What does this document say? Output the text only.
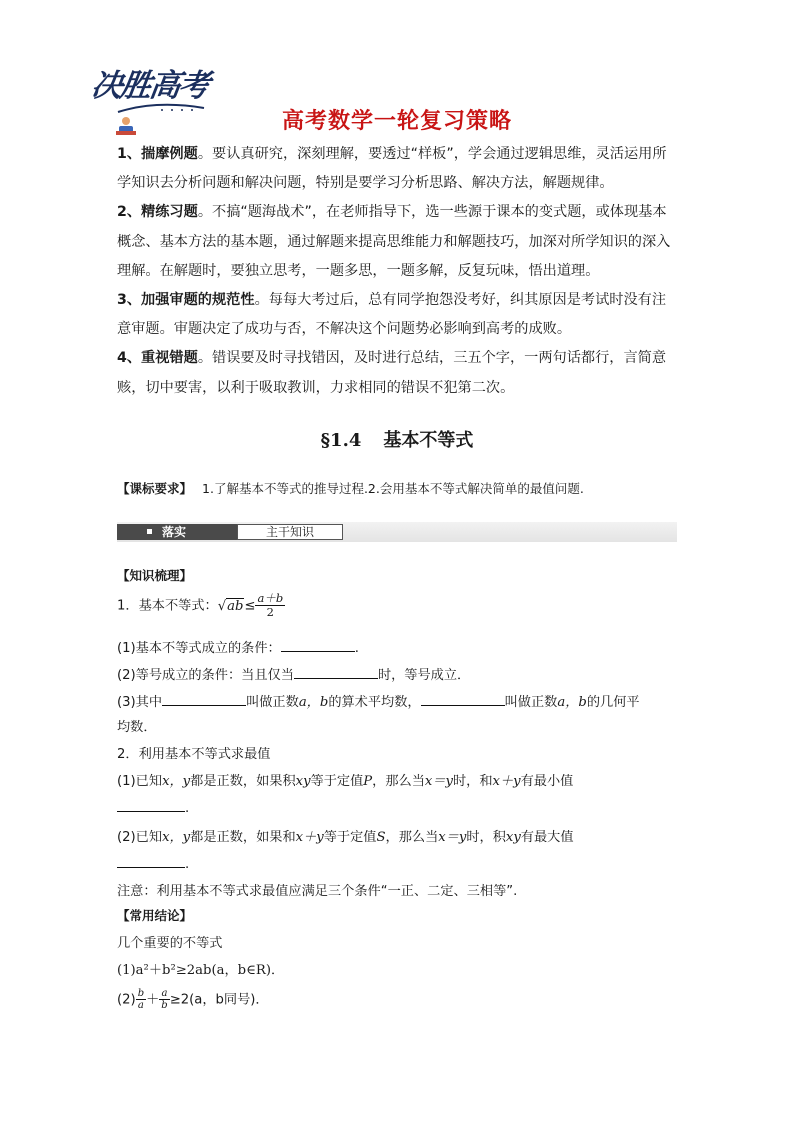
决胜高考
高考数学一轮复习策略

1、揣摩例题。要认真研究，深刻理解，要透过“样板”，学会通过逻辑思维，灵活运用所学知识去分析问题和解决问题，特别是要学习分析思路、解决方法，解题规律。

2、精练习题。不搞“题海战术”，在老师指导下，选一些源于课本的变式题，或体现基本概念、基本方法的基本题，通过解题来提高思维能力和解题技巧，加深对所学知识的深入理解。在解题时，要独立思考，一题多思，一题多解，反复玩味，悟出道理。

3、加强审题的规范性。每每大考过后，总有同学抱怨没考好，纠其原因是考试时没有注意审题。审题决定了成功与否，不解决这个问题势必影响到高考的成败。

4、重视错题。错误要及时寻找错因，及时进行总结，三五个字，一两句话都行，言简意赅，切中要害，以利于吸取教训，力求相同的错误不犯第二次。

§1.4 基本不等式
【课标要求】 1.了解基本不等式的推导过程.2.会用基本不等式解决简单的最值问题.
落实	主干知识
【知识梳理】
1．基本不等式：$√ab\le \frac{a+b}{2}$
(1)基本不等式成立的条件：	.
(2)等号成立的条件：当且仅当	时，等号成立．
(3)其中	叫做正数a，b的算术平均数，	叫做正数a，b的几何平
均数．
2．利用基本不等式求最值
(1)已知x，y都是正数，如果积xy等于定值P，那么当x＝y时，和x＋y有最小值
.
(2)已知x，y都是正数，如果和x＋y等于定值S，那么当x＝y时，积xy有最大值
.
注意：利用基本不等式求最值应满足三个条件“一正、二定、三相等”.
【常用结论】
几个重要的不等式
(1)a²＋b²≥2ab(a，b∈R)．
$(2) \frac{b}{a} + \frac{a}{b} \ge 2(a$，b同号)．
